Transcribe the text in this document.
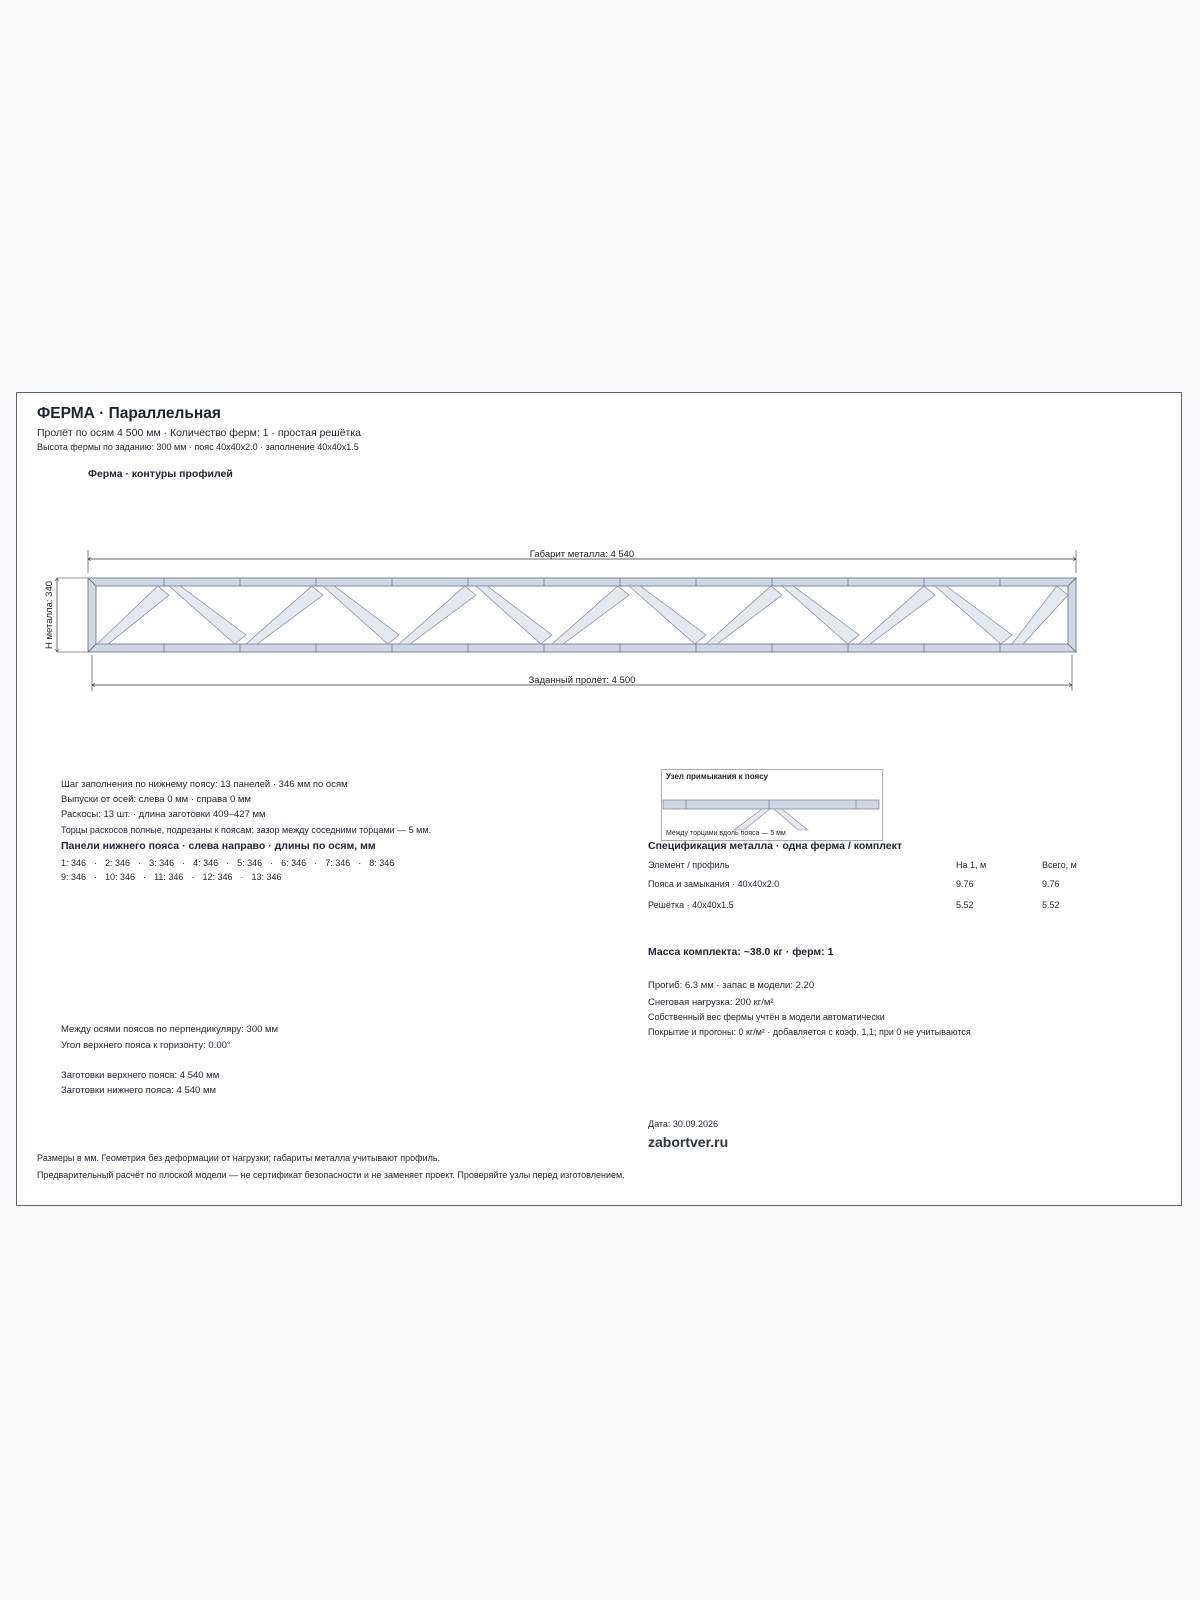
ФЕРМА · Параллельная
Пролёт по осям 4 500 мм · Количество ферм: 1 · простая решётка
Высота фермы по заданию: 300 мм · пояс 40x40x2.0 · заполнение 40x40x1.5
Ферма · контуры профилей
Габарит металла: 4 540
Н металла: 340
Заданный пролёт: 4 500
Шаг заполнения по нижнему поясу: 13 панелей · 346 мм по осям
Выпуски от осей: слева 0 мм · справа 0 мм
Раскосы: 13 шт. · длина заготовки 409–427 мм
Торцы раскосов полные, подрезаны к поясам; зазор между соседними торцами — 5 мм.
Панели нижнего пояса · слева направо · длины по осям, мм
1: 346 · 2: 346 · 3: 346 · 4: 346 · 5: 346 · 6: 346 · 7: 346 · 8: 346
9: 346 · 10: 346 · 11: 346 · 12: 346 · 13: 346
Узел примыкания к поясу
Между торцами вдоль пояса — 5 мм
Спецификация металла · одна ферма / комплект
Элемент / профиль	На 1, м	Всего, м
Пояса и замыкания · 40x40x2.0	9.76	9.76
Решётка · 40x40x1.5	5.52	5.52
Масса комплекта: ~38.0 кг · ферм: 1
Прогиб: 6.3 мм · запас в модели: 2.20
Снеговая нагрузка: 200 кг/м²
Собственный вес фермы учтён в модели автоматически
Покрытие и прогоны: 0 кг/м² · добавляется с коэф. 1,1; при 0 не учитываются
Между осями поясов по перпендикуляру: 300 мм
Угол верхнего пояса к горизонту: 0.00°
Заготовки верхнего пояса: 4 540 мм
Заготовки нижнего пояса: 4 540 мм
Дата: 30.09.2026
zabortver.ru
Размеры в мм. Геометрия без деформации от нагрузки; габариты металла учитывают профиль.
Предварительный расчёт по плоской модели — не сертификат безопасности и не заменяет проект. Проверяйте узлы перед изготовлением.
